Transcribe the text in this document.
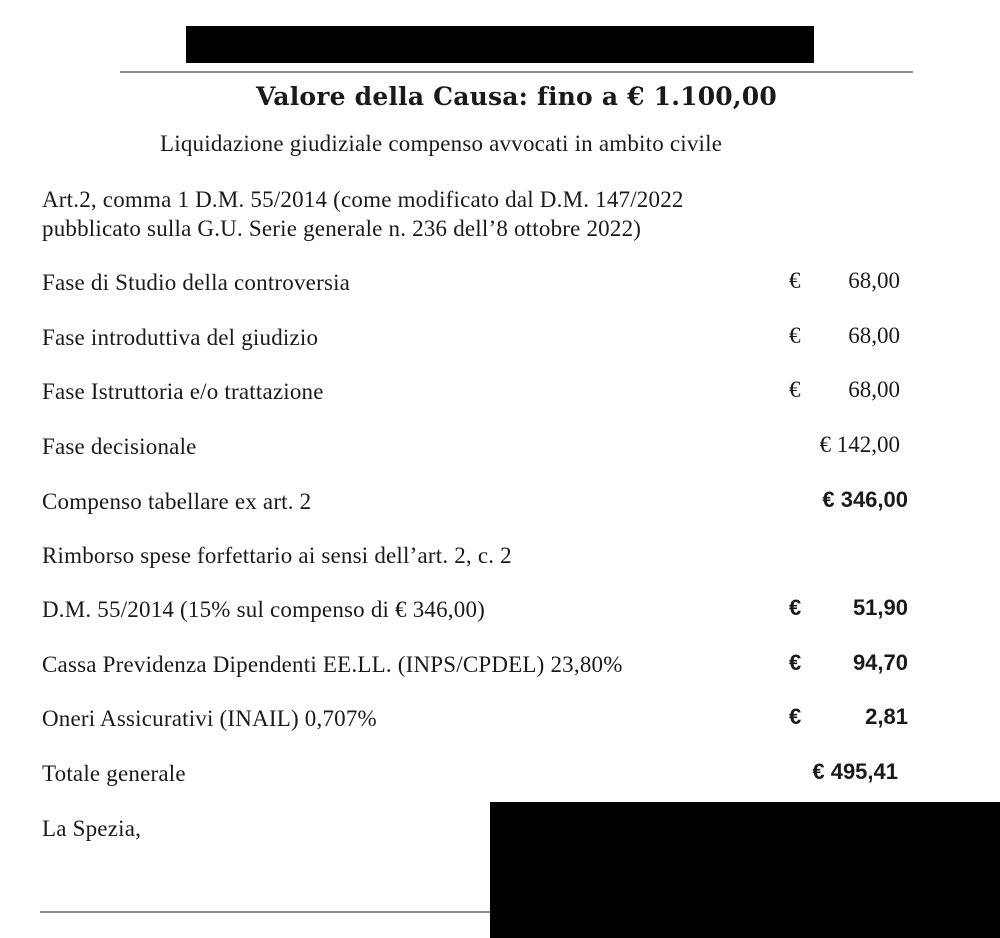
Valore della Causa: fino a € 1.100,00
Liquidazione giudiziale compenso avvocati in ambito civile
Art.2, comma 1 D.M. 55/2014 (come modificato dal D.M. 147/2022
pubblicato sulla G.U. Serie generale n. 236 dell’8 ottobre 2022)
Fase di Studio della controversia	€ 68,00
Fase introduttiva del giudizio	€ 68,00
Fase Istruttoria e/o trattazione	€ 68,00
Fase decisionale	€ 142,00
Compenso tabellare ex art. 2	€ 346,00
Rimborso spese forfettario ai sensi dell’art. 2, c. 2
D.M. 55/2014 (15% sul compenso di € 346,00)	€ 51,90
Cassa Previdenza Dipendenti EE.LL. (INPS/CPDEL) 23,80%	€ 94,70
Oneri Assicurativi (INAIL) 0,707%	€	2,81
Totale generale	€ 495,41
La Spezia,
